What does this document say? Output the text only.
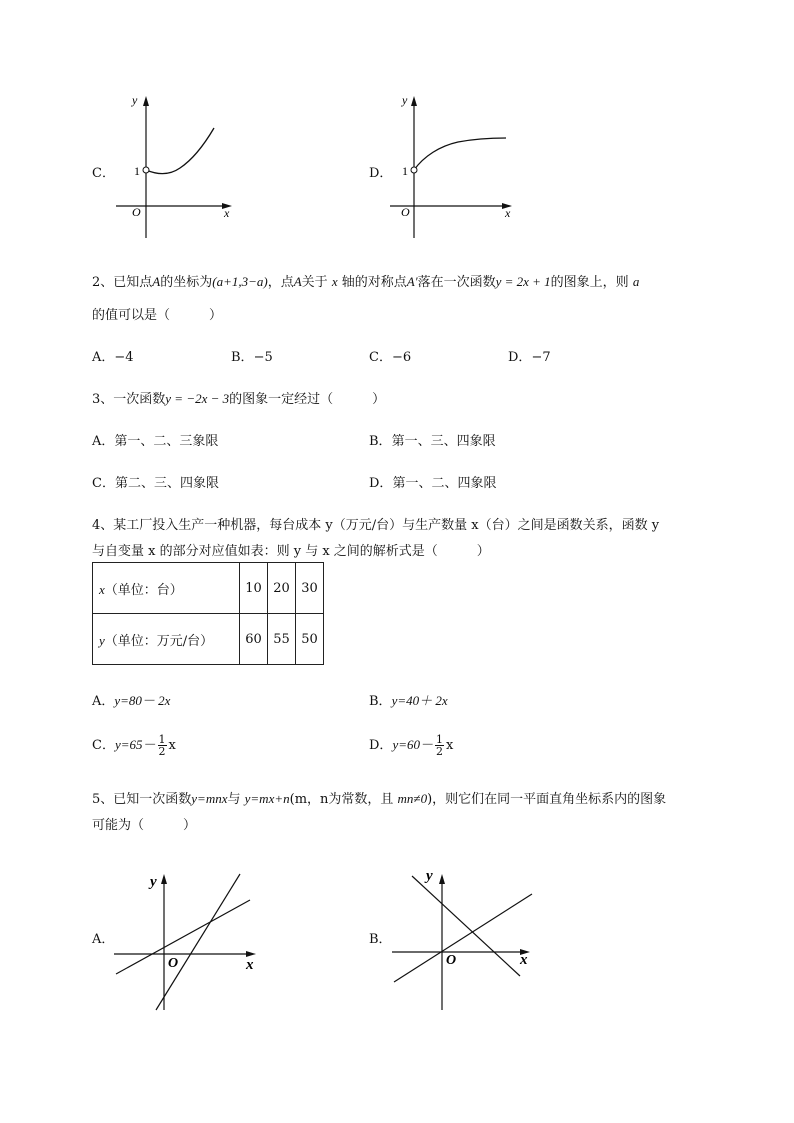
C．
y
x
O
1	D．
y
x
O
1
2、已知点A的坐标为(a+1,3−a)，点A关于 x 轴的对称点A′落在一次函数y = 2x + 1的图象上，则 a
的值可以是（　　　）
A．−4	B．−5	C．−6	D．−7
3、一次函数y = −2x − 3的图象一定经过（　　　）
A．第一、二、三象限	B．第一、三、四象限
C．第二、三、四象限	D．第一、二、四象限
4、某工厂投入生产一种机器，每台成本 y（万元/台）与生产数量 x（台）之间是函数关系，函数 y
与自变量 x 的部分对应值如表：则 y 与 x 之间的解析式是（　　　）
x（单位：台）	10	20	30
y（单位：万元/台）	60	55	50
A．y=80－ 2x	B．y=40＋ 2x
C．$y=65- \frac{1}{2}$ x	D．$y=60- \frac{1}{2}$ x
5、已知一次函数y=mnx与 y=mx+n(m，n为常数，且 mn≠0)，则它们在同一平面直角坐标系内的图象
可能为（　　　）
A．
y
x
O
B．
y
x
O
